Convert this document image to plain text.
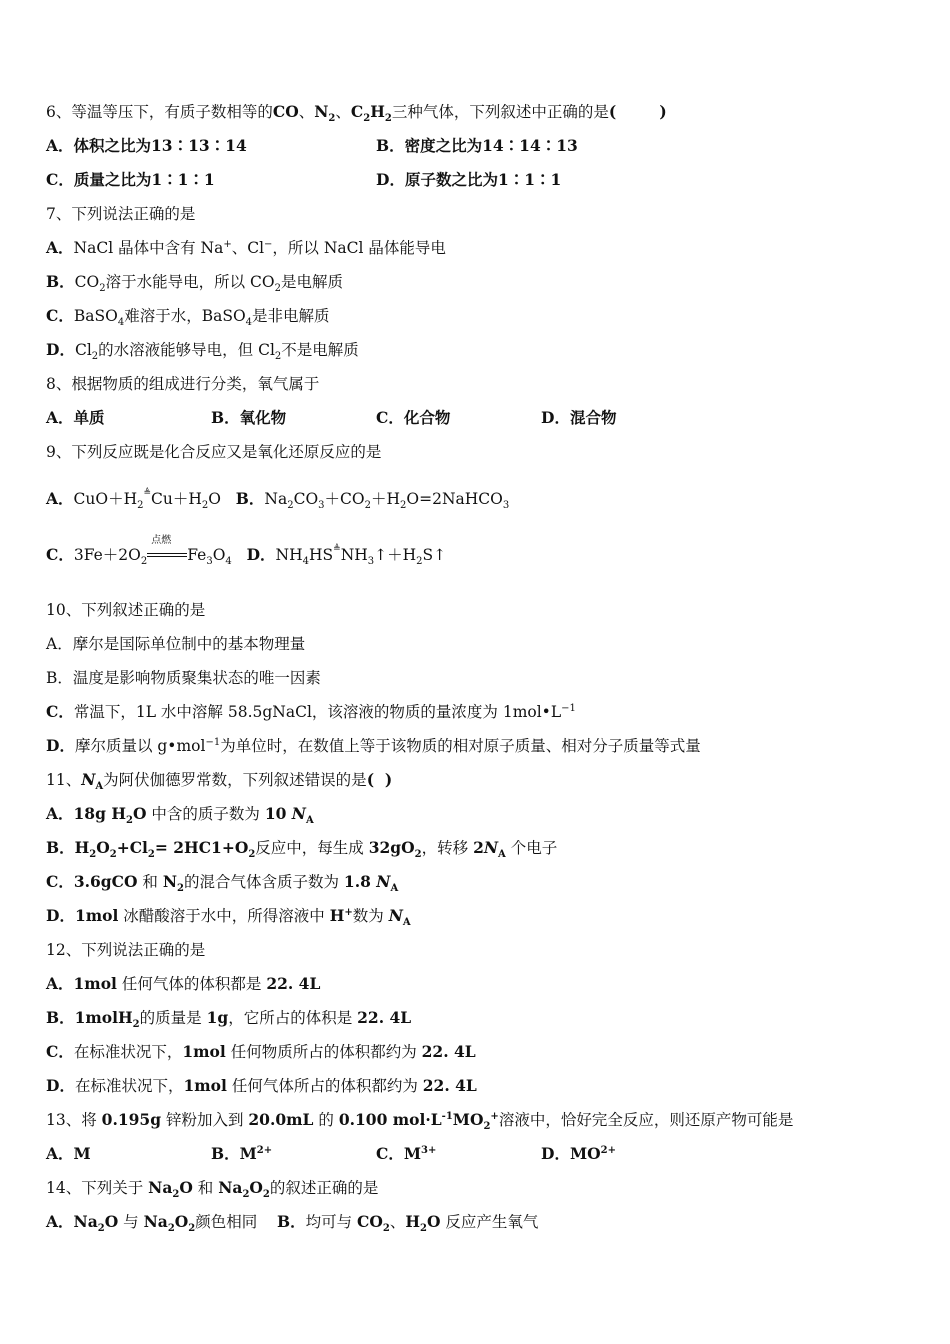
6、等温等压下，有质子数相等的CO、$N_2$、$C_2H_2$三种气体，下列叙述中正确的是(        )
A．体积之比为13∶13∶14	B．密度之比为14∶14∶13
C．质量之比为1∶1∶1	D．原子数之比为1∶1∶1
7、下列说法正确的是
A．NaCl 晶体中含有 Na+、Cl−，所以 NaCl 晶体能导电
B．$CO_2$溶于水能导电，所以 $CO_2$是电解质
C．BaSO$_4$难溶于水，BaSO$_4$是非电解质
D．$Cl_2$的水溶液能够导电，但 $Cl_2$不是电解质
8、根据物质的组成进行分类，氧气属于
A．单质	B．氧化物	C．化合物	D．混合物
9、下列反应既是化合反应又是氧化还原反应的是
A．$CuO+H_2^≜Cu+H_2O$   B．$Na_2CO_3+CO_2+H_2O=2NaHCO_3$
C．$3Fe+2O_2$
点燃
$Fe_3O_4$ D．$NH_4HS^≜NH_3↑+H_2S↑$
10、下列叙述正确的是
A．摩尔是国际单位制中的基本物理量
B．温度是影响物质聚集状态的唯一因素
C．常温下，1L 水中溶解 58.5gNaCl，该溶液的物质的量浓度为 $1mol•L^{-1}$
D．摩尔质量以 g•mol$^{-1}$为单位时，在数值上等于该物质的相对原子质量、相对分子质量等式量
11、$N_A$为阿伏伽德罗常数，下列叙述错误的是(  )
A．18g $H_2O$ 中含的质子数为 10 $N_A$
B．$H_2O_2+Cl_2= 2HC1+O_2$反应中，每生成 $32gO_2$，转移 $2N_A$ 个电子
C．3.6gCO 和 $N_2$的混合气体含质子数为 1.8 $N_A$
D．1mol 冰醋酸溶于水中，所得溶液中 H+数为 $N_A$
12、下列说法正确的是
A．1mol 任何气体的体积都是 22. 4L
B．1molH$_2$的质量是 1g，它所占的体积是 22. 4L
C．在标准状况下，1mol 任何物质所占的体积都约为 22. 4L
D．在标准状况下，1mol 任何气体所占的体积都约为 22. 4L
13、将 0.195g 锌粉加入到 20.0mL 的 0.100 $mol\cdot L^{-1}MO_2^+$溶液中，恰好完全反应，则还原产物可能是
A．M	B．$M^{2+}$	C．$M^{3+}$	D．$MO^{2+}$
14、下列关于 $Na_2O$ 和 $Na_2O_2$的叙述正确的是
A．$Na_2O$ 与 $Na_2O_2$颜色相同    B．均可与 $CO_2$、$H_2O$ 反应产生氧气
